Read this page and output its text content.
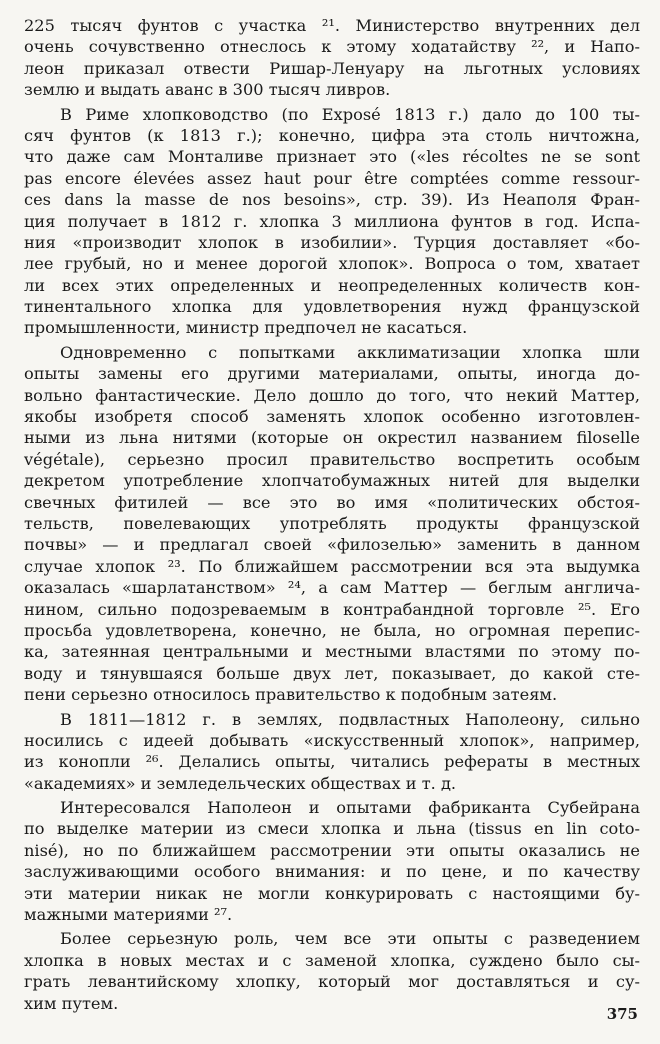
225 тысяч фунтов с участка ²¹. Министерство внутренних дел
очень сочувственно отнеслось к этому ходатайству ²², и Напо-
леон приказал отвести Ришар-Ленуару на льготных условиях
землю и выдать аванс в 300 тысяч ливров.
В Риме хлопководство (по Exposé 1813 г.) дало до 100 ты-
сяч фунтов (к 1813 г.); конечно, цифра эта столь ничтожна,
что даже сам Монталиве признает это («les récoltes ne se sont
pas encore élevées assez haut pour être comptées comme ressour-
ces dans la masse de nos besoins», стр. 39). Из Неаполя Фран-
ция получает в 1812 г. хлопка 3 миллиона фунтов в год. Испа-
ния «производит хлопок в изобилии». Турция доставляет «бо-
лее грубый, но и менее дорогой хлопок». Вопроса о том, хватает
ли всех этих определенных и неопределенных количеств кон-
тинентального хлопка для удовлетворения нужд французской
промышленности, министр предпочел не касаться.
Одновременно с попытками акклиматизации хлопка шли
опыты замены его другими материалами, опыты, иногда до-
вольно фантастические. Дело дошло до того, что некий Маттер,
якобы изобретя способ заменять хлопок особенно изготовлен-
ными из льна нитями (которые он окрестил названием filoselle
végétale), серьезно просил правительство воспретить особым
декретом употребление хлопчатобумажных нитей для выделки
свечных фитилей — все это во имя «политических обстоя-
тельств, повелевающих употреблять продукты французской
почвы» — и предлагал своей «филозелью» заменить в данном
случае хлопок ²³. По ближайшем рассмотрении вся эта выдумка
оказалась «шарлатанством» ²⁴, а сам Маттер — беглым англича-
нином, сильно подозреваемым в контрабандной торговле ²⁵. Его
просьба удовлетворена, конечно, не была, но огромная перепис-
ка, затеянная центральными и местными властями по этому по-
воду и тянувшаяся больше двух лет, показывает, до какой сте-
пени серьезно относилось правительство к подобным затеям.
В 1811—1812 г. в землях, подвластных Наполеону, сильно
носились с идеей добывать «искусственный хлопок», например,
из конопли ²⁶. Делались опыты, читались рефераты в местных
«академиях» и земледельческих обществах и т. д.
Интересовался Наполеон и опытами фабриканта Субейрана
по выделке материи из смеси хлопка и льна (tissus en lin coto-
nisé), но по ближайшем рассмотрении эти опыты оказались не
заслуживающими особого внимания: и по цене, и по качеству
эти материи никак не могли конкурировать с настоящими бу-
мажными материями ²⁷.
Более серьезную роль, чем все эти опыты с разведением
хлопка в новых местах и с заменой хлопка, суждено было сы-
грать левантийскому хлопку, который мог доставляться и су-
хим путем.
375
